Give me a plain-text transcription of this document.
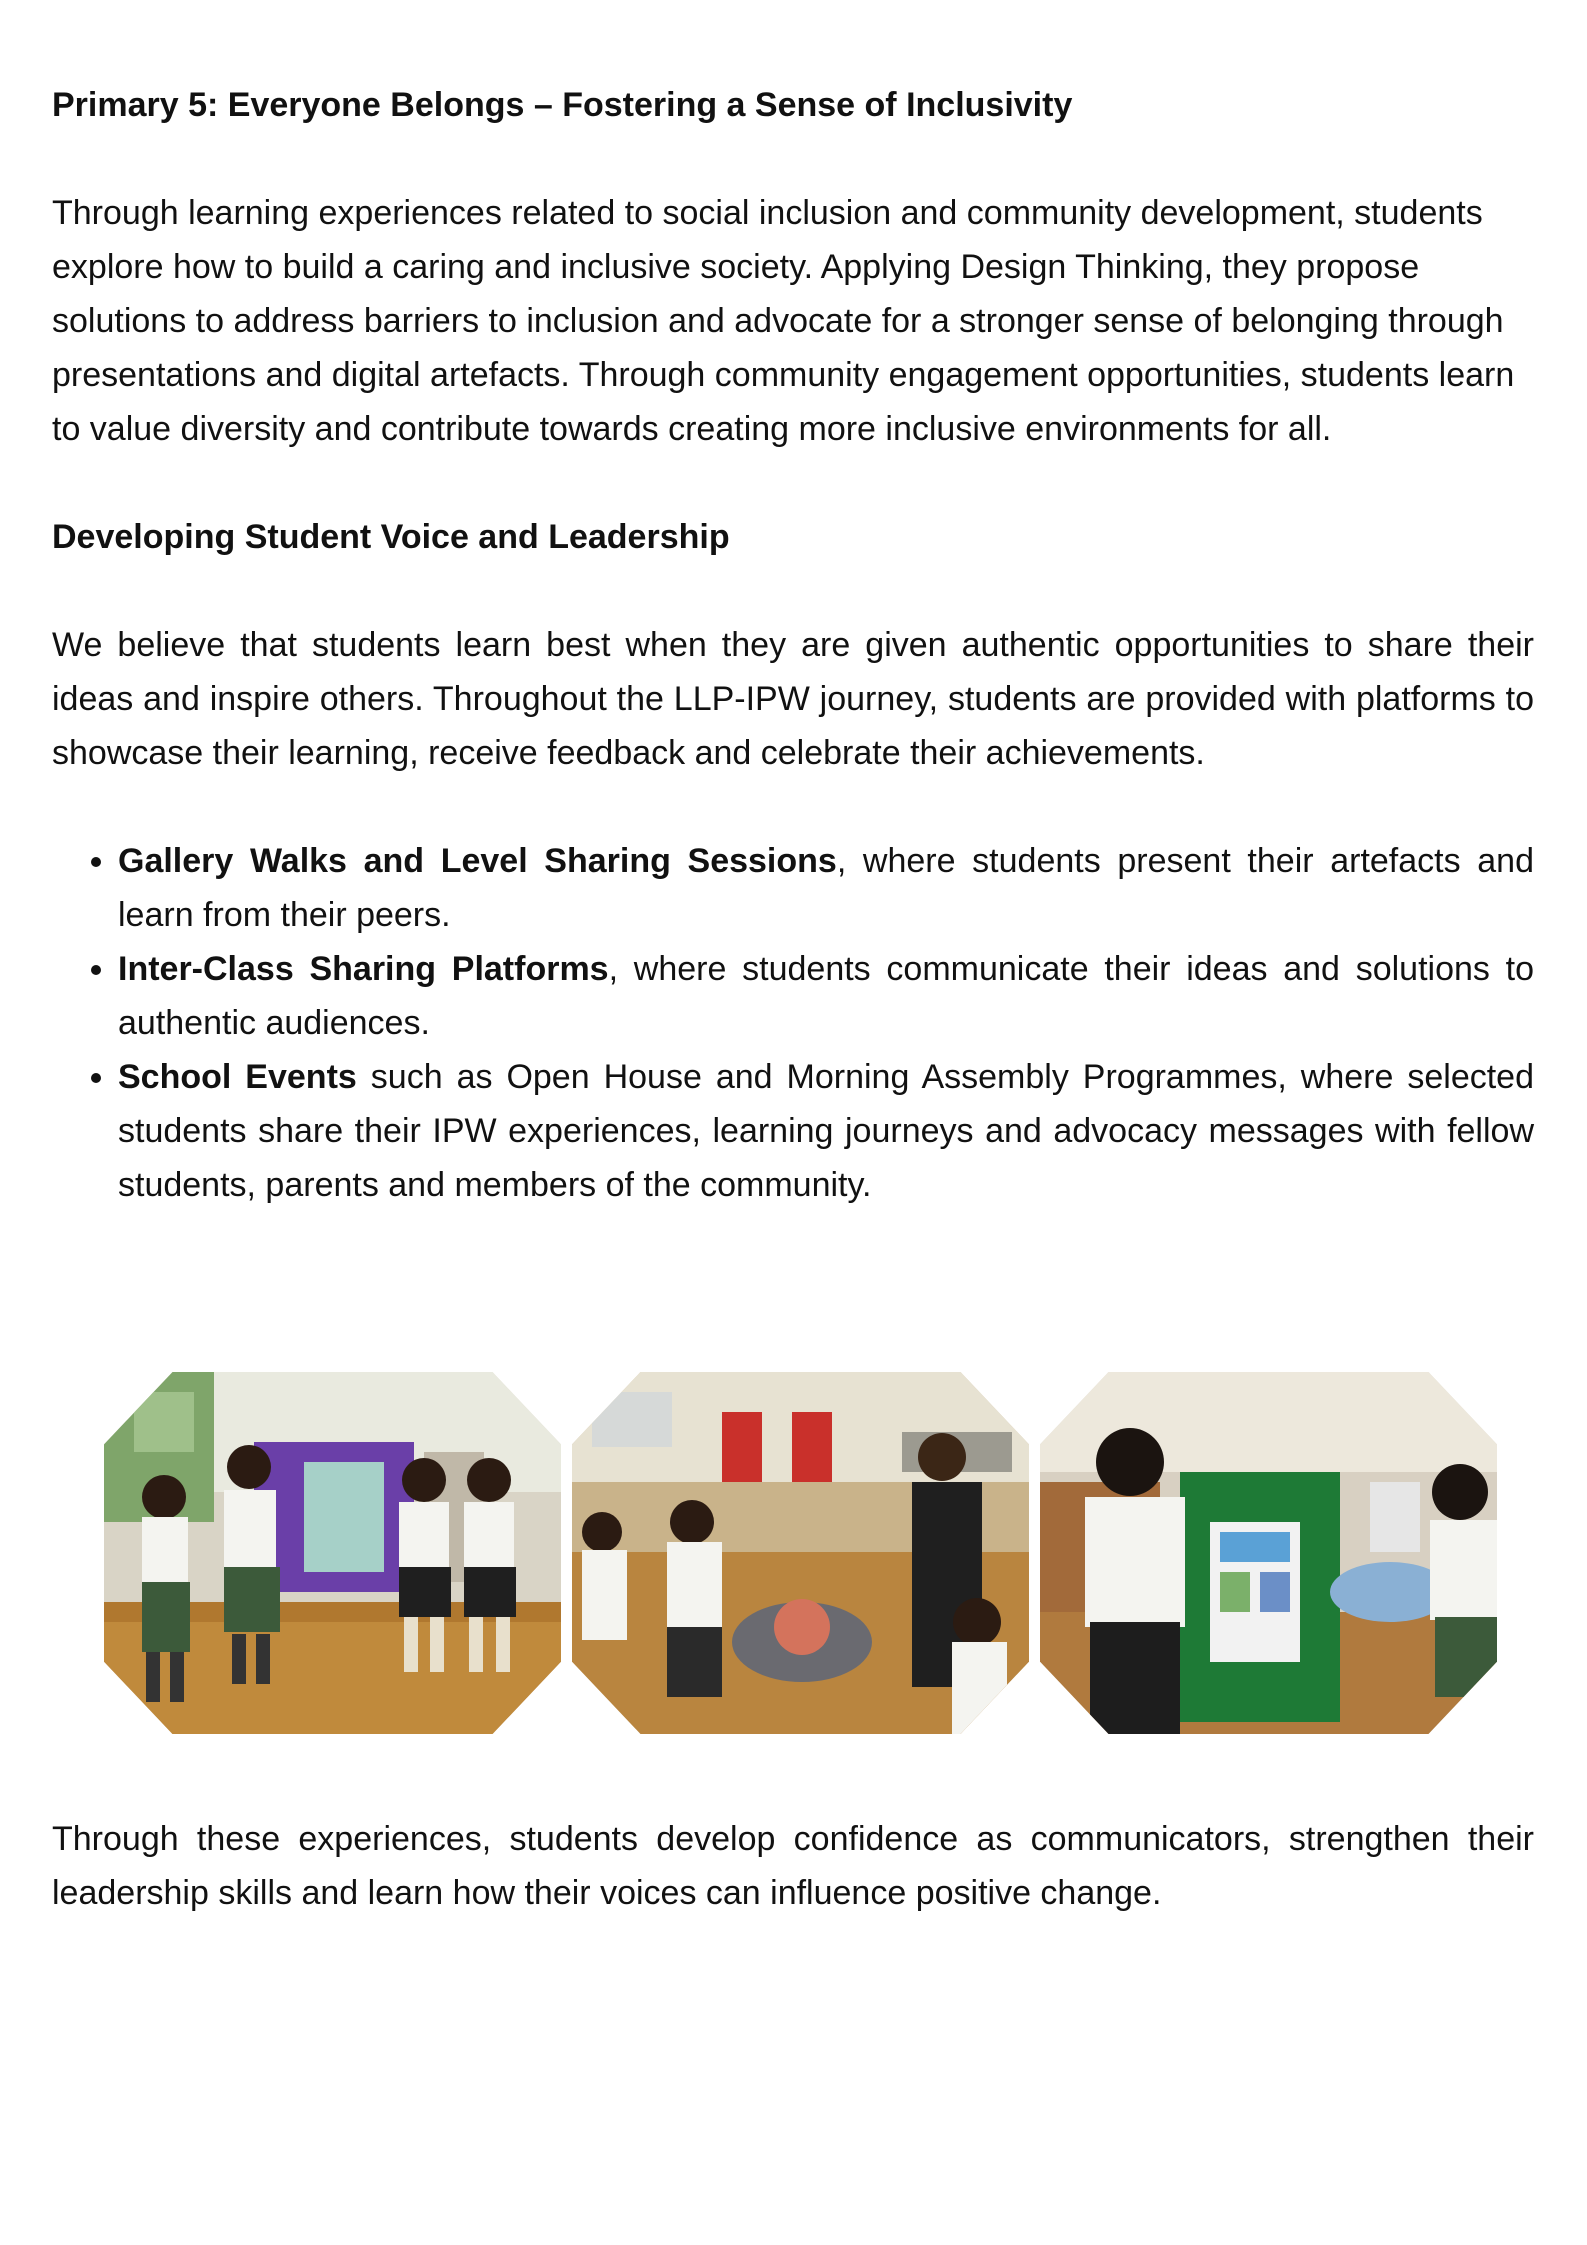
Primary 5: Everyone Belongs – Fostering a Sense of Inclusivity

Through learning experiences related to social inclusion and community development, students explore how to build a caring and inclusive society. Applying Design Thinking, they propose solutions to address barriers to inclusion and advocate for a stronger sense of belonging through presentations and digital artefacts. Through community engagement opportunities, students learn to value diversity and contribute towards creating more inclusive environments for all.

Developing Student Voice and Leadership

We believe that students learn best when they are given authentic opportunities to share their ideas and inspire others. Throughout the LLP-IPW journey, students are provided with platforms to showcase their learning, receive feedback and celebrate their achievements.

• Gallery Walks and Level Sharing Sessions, where students present their artefacts and learn from their peers.
• Inter-Class Sharing Platforms, where students communicate their ideas and solutions to authentic audiences.
• School Events such as Open House and Morning Assembly Programmes, where selected students share their IPW experiences, learning journeys and advocacy messages with fellow students, parents and members of the community.

Through these experiences, students develop confidence as communicators, strengthen their leadership skills and learn how their voices can influence positive change.
